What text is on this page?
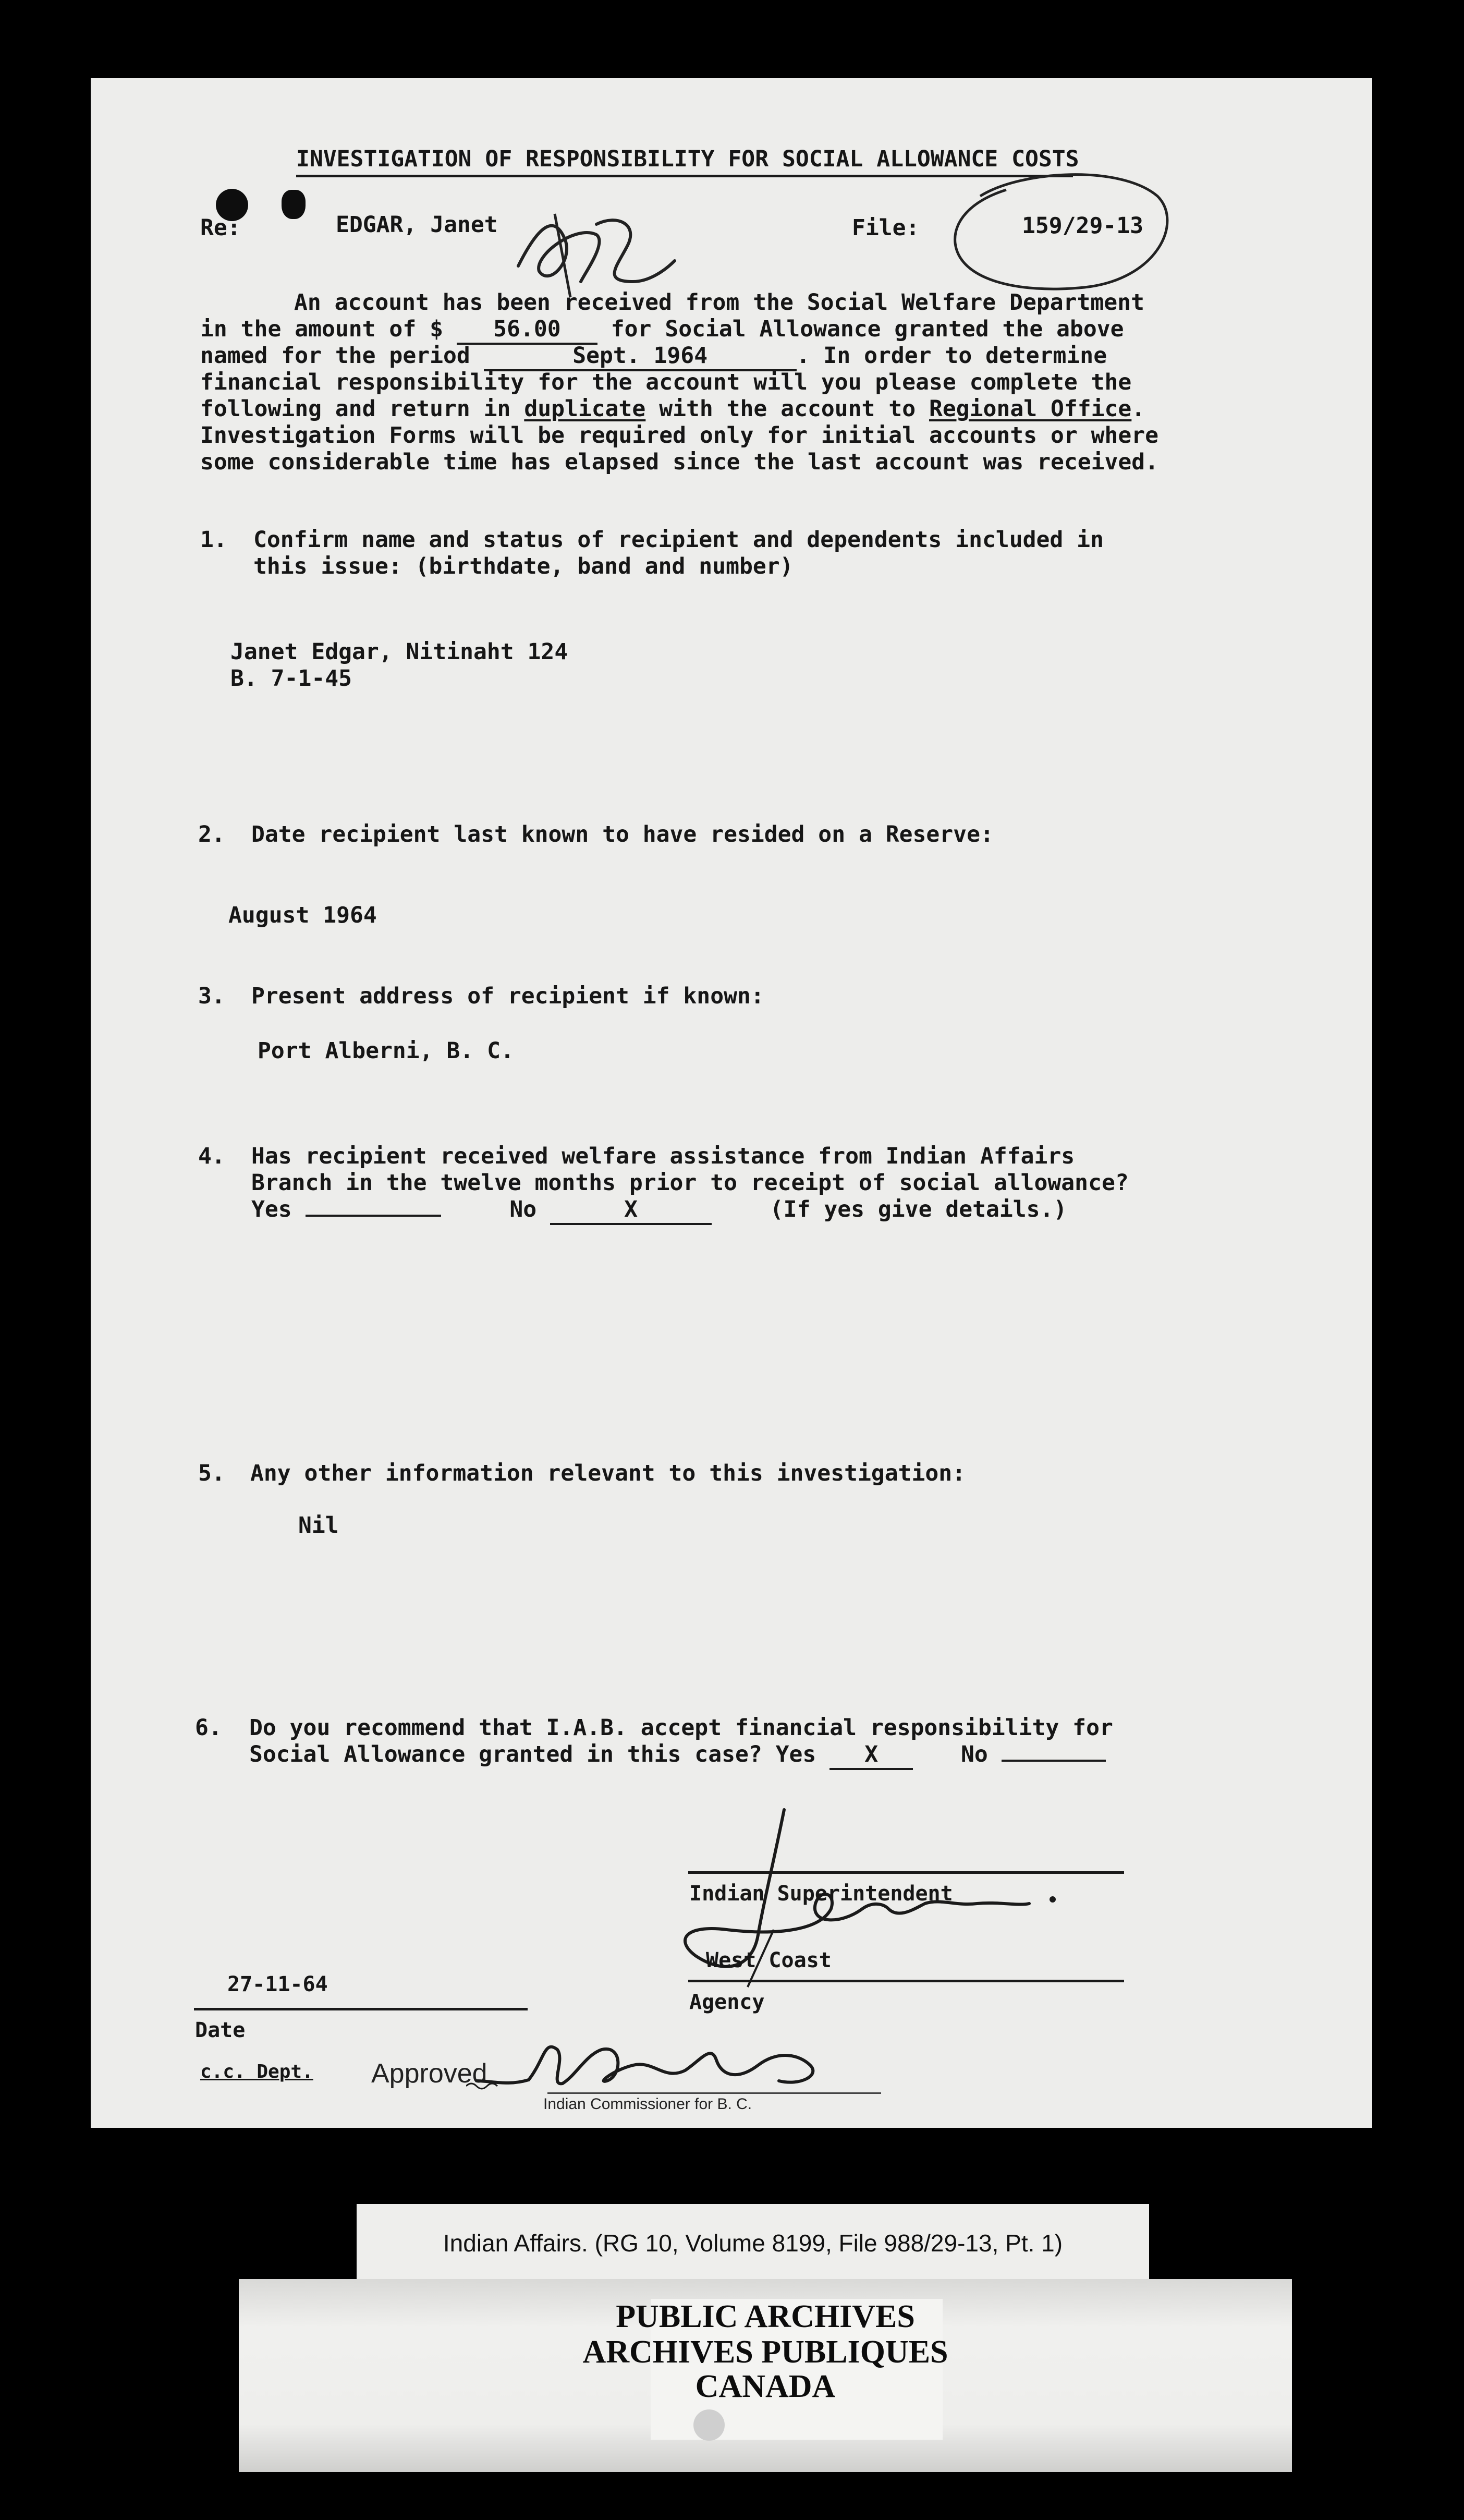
INVESTIGATION OF RESPONSIBILITY FOR SOCIAL ALLOWANCE COSTS
Re:	EDGAR, Janet	File:	159/29-13
An account has been received from the Social Welfare Department
in the amount of $ 56.00 for Social Allowance granted the above
named for the period	Sept. 1964	. In order to determine
financial responsibility for the account will you please complete the
following and return in duplicate with the account to Regional Office.
Investigation Forms will be required only for initial accounts or where
some considerable time has elapsed since the last account was received.
1. Confirm name and status of recipient and dependents included in
this issue: (birthdate, band and number)
Janet Edgar, Nitinaht 124
B. 7-1-45
2. Date recipient last known to have resided on a Reserve:
August 1964
3. Present address of recipient if known:
Port Alberni, B. C.
4. Has recipient received welfare assistance from Indian Affairs
Branch in the twelve months prior to receipt of social allowance?
Yes	No	X	(If yes give details.)
5. Any other information relevant to this investigation:
Nil
6. Do you recommend that I.A.B. accept financial responsibility for
Social Allowance granted in this case? Yes X	No
Indian Superintendent
West Coast
Agency
27-11-64
Date
c.c. Dept. Approved
Indian Commissioner for B. C.
Indian Affairs. (RG 10, Volume 8199, File 988/29-13, Pt. 1)
PUBLIC ARCHIVES
ARCHIVES PUBLIQUES
CANADA
